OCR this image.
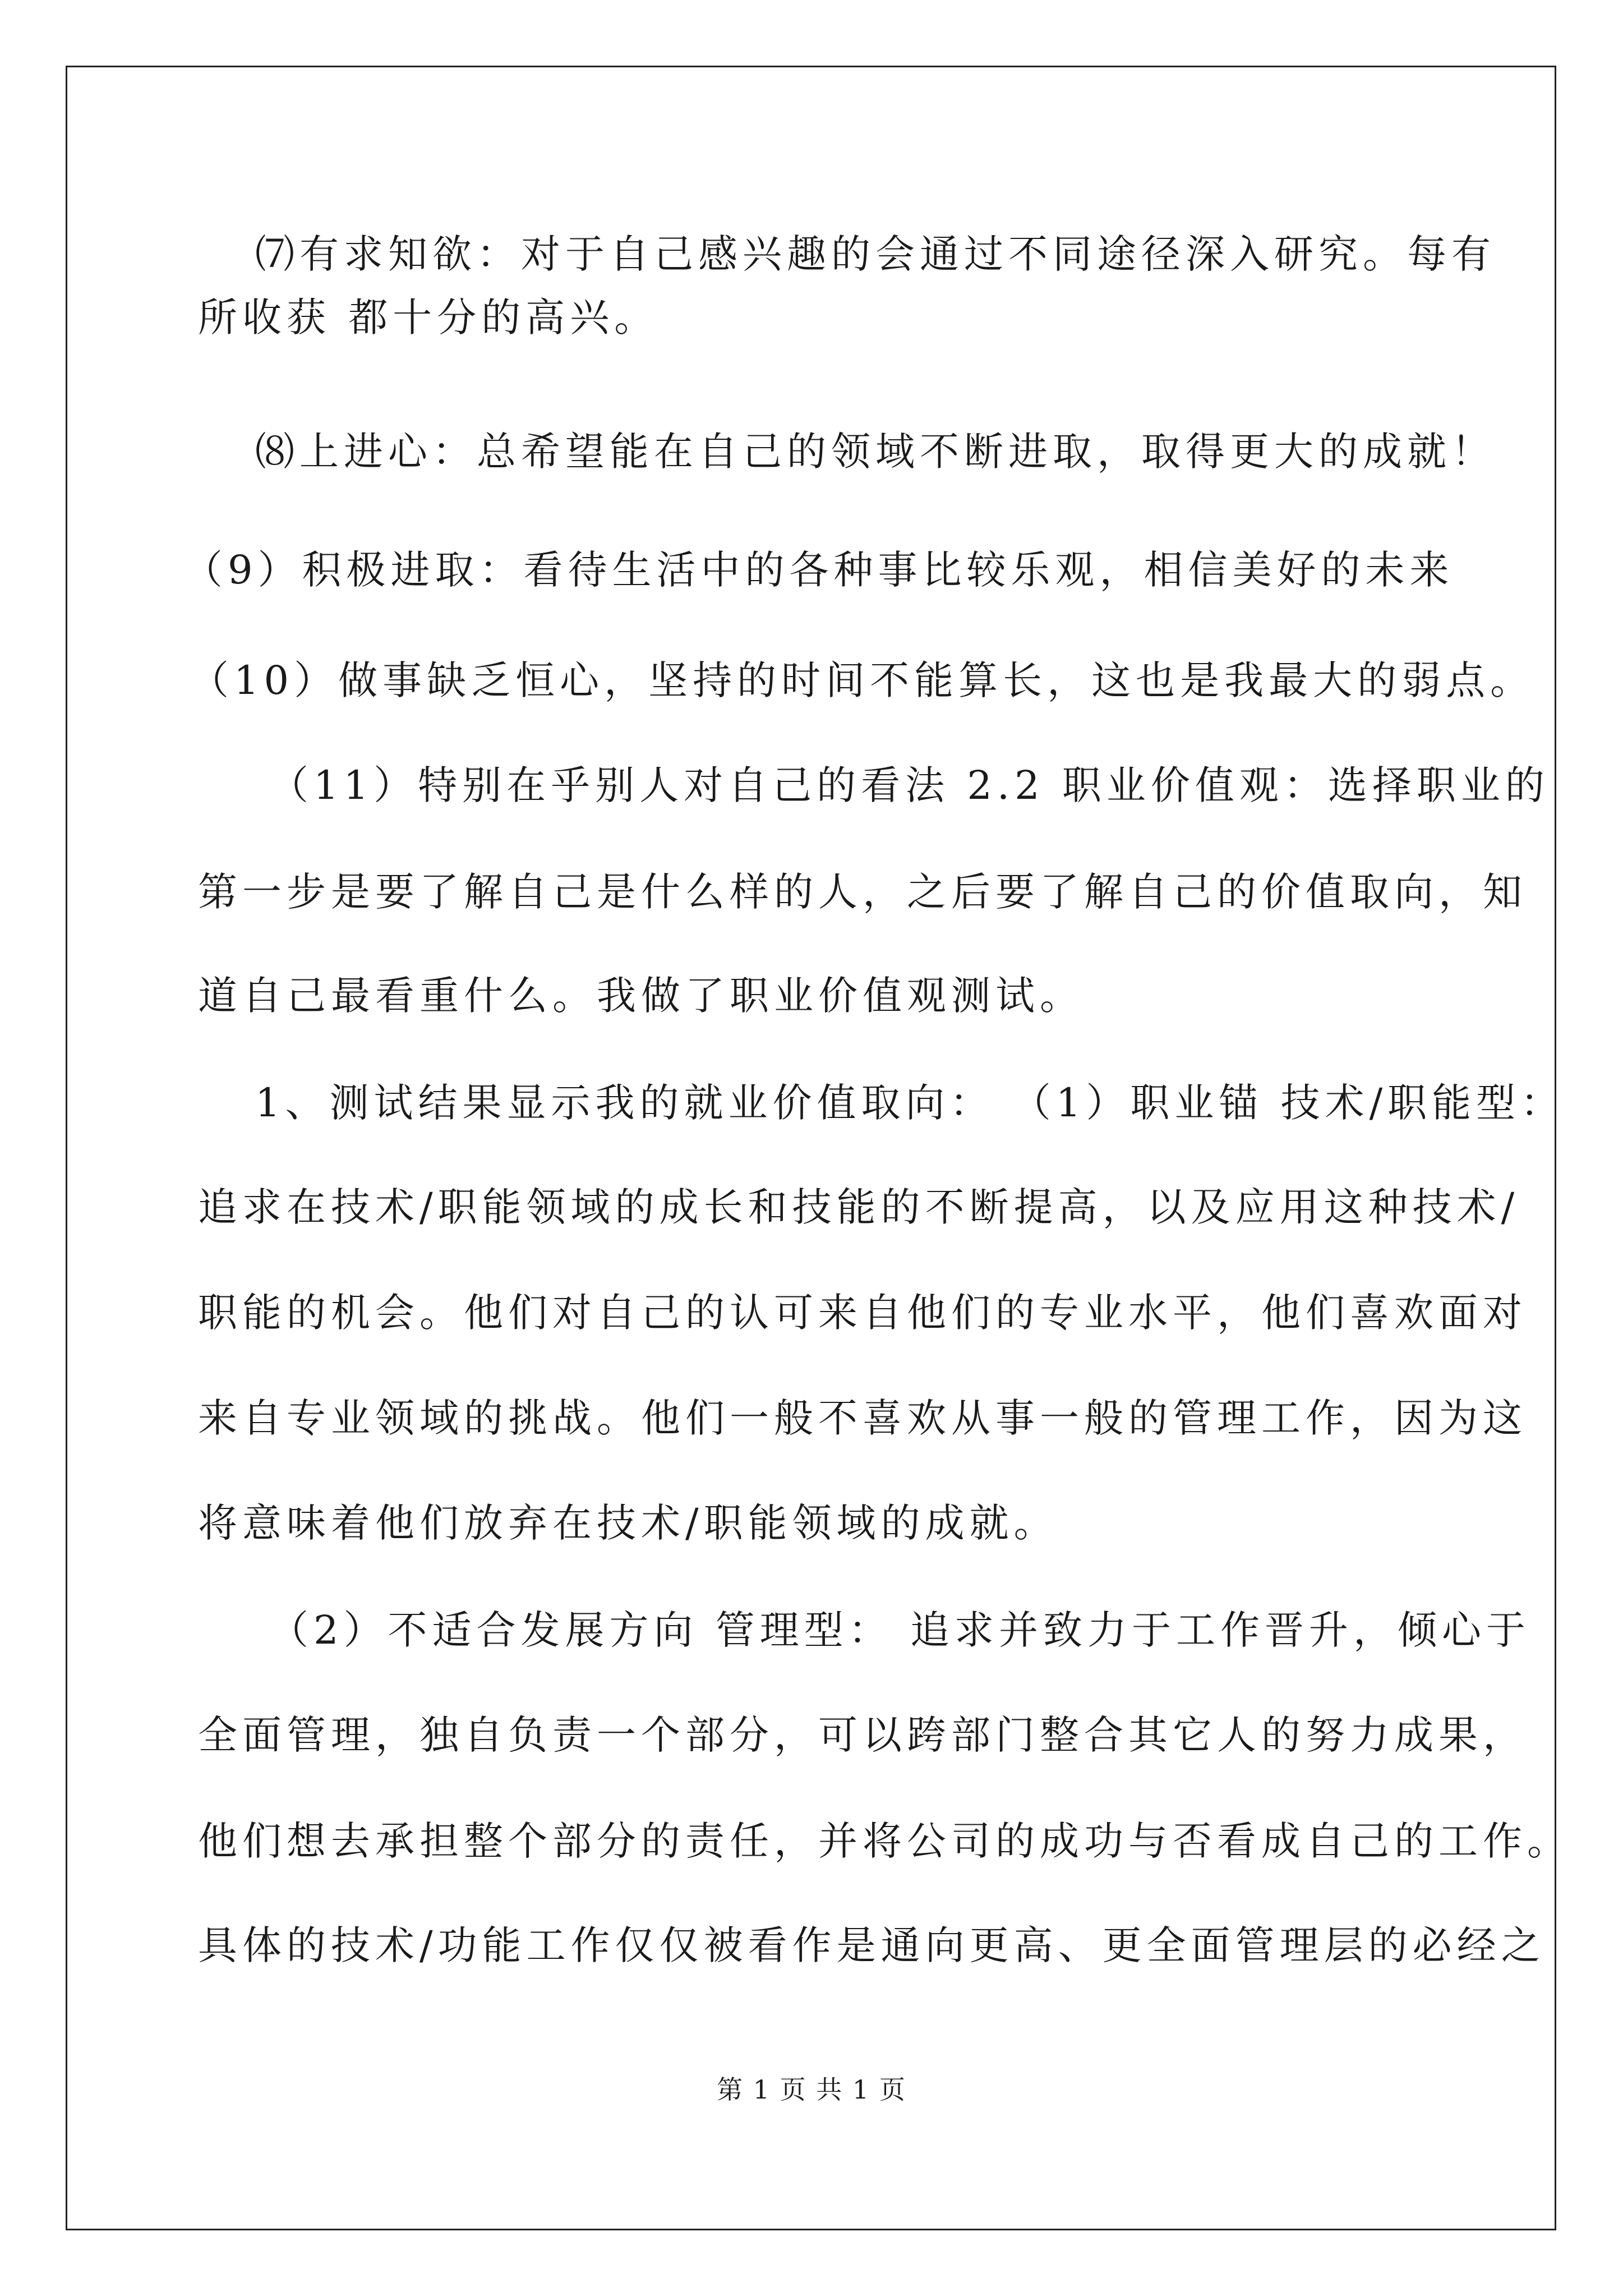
⑺有求知欲：对于自己感兴趣的会通过不同途径深入研究。每有
所收获 都十分的高兴。
⑻上进心：总希望能在自己的领域不断进取，取得更大的成就！
（9）积极进取：看待生活中的各种事比较乐观，相信美好的未来
（10）做事缺乏恒心，坚持的时间不能算长，这也是我最大的弱点。
（11）特别在乎别人对自己的看法 2.2 职业价值观：选择职业的
第一步是要了解自己是什么样的人，之后要了解自己的价值取向，知
道自己最看重什么。我做了职业价值观测试。
1、测试结果显示我的就业价值取向： （1）职业锚 技术/职能型：
追求在技术/职能领域的成长和技能的不断提高，以及应用这种技术/
职能的机会。他们对自己的认可来自他们的专业水平，他们喜欢面对
来自专业领域的挑战。他们一般不喜欢从事一般的管理工作，因为这
将意味着他们放弃在技术/职能领域的成就。
（2）不适合发展方向 管理型： 追求并致力于工作晋升，倾心于
全面管理，独自负责一个部分，可以跨部门整合其它人的努力成果，
他们想去承担整个部分的责任，并将公司的成功与否看成自己的工作。
具体的技术/功能工作仅仅被看作是通向更高、更全面管理层的必经之
第 1 页 共 1 页
